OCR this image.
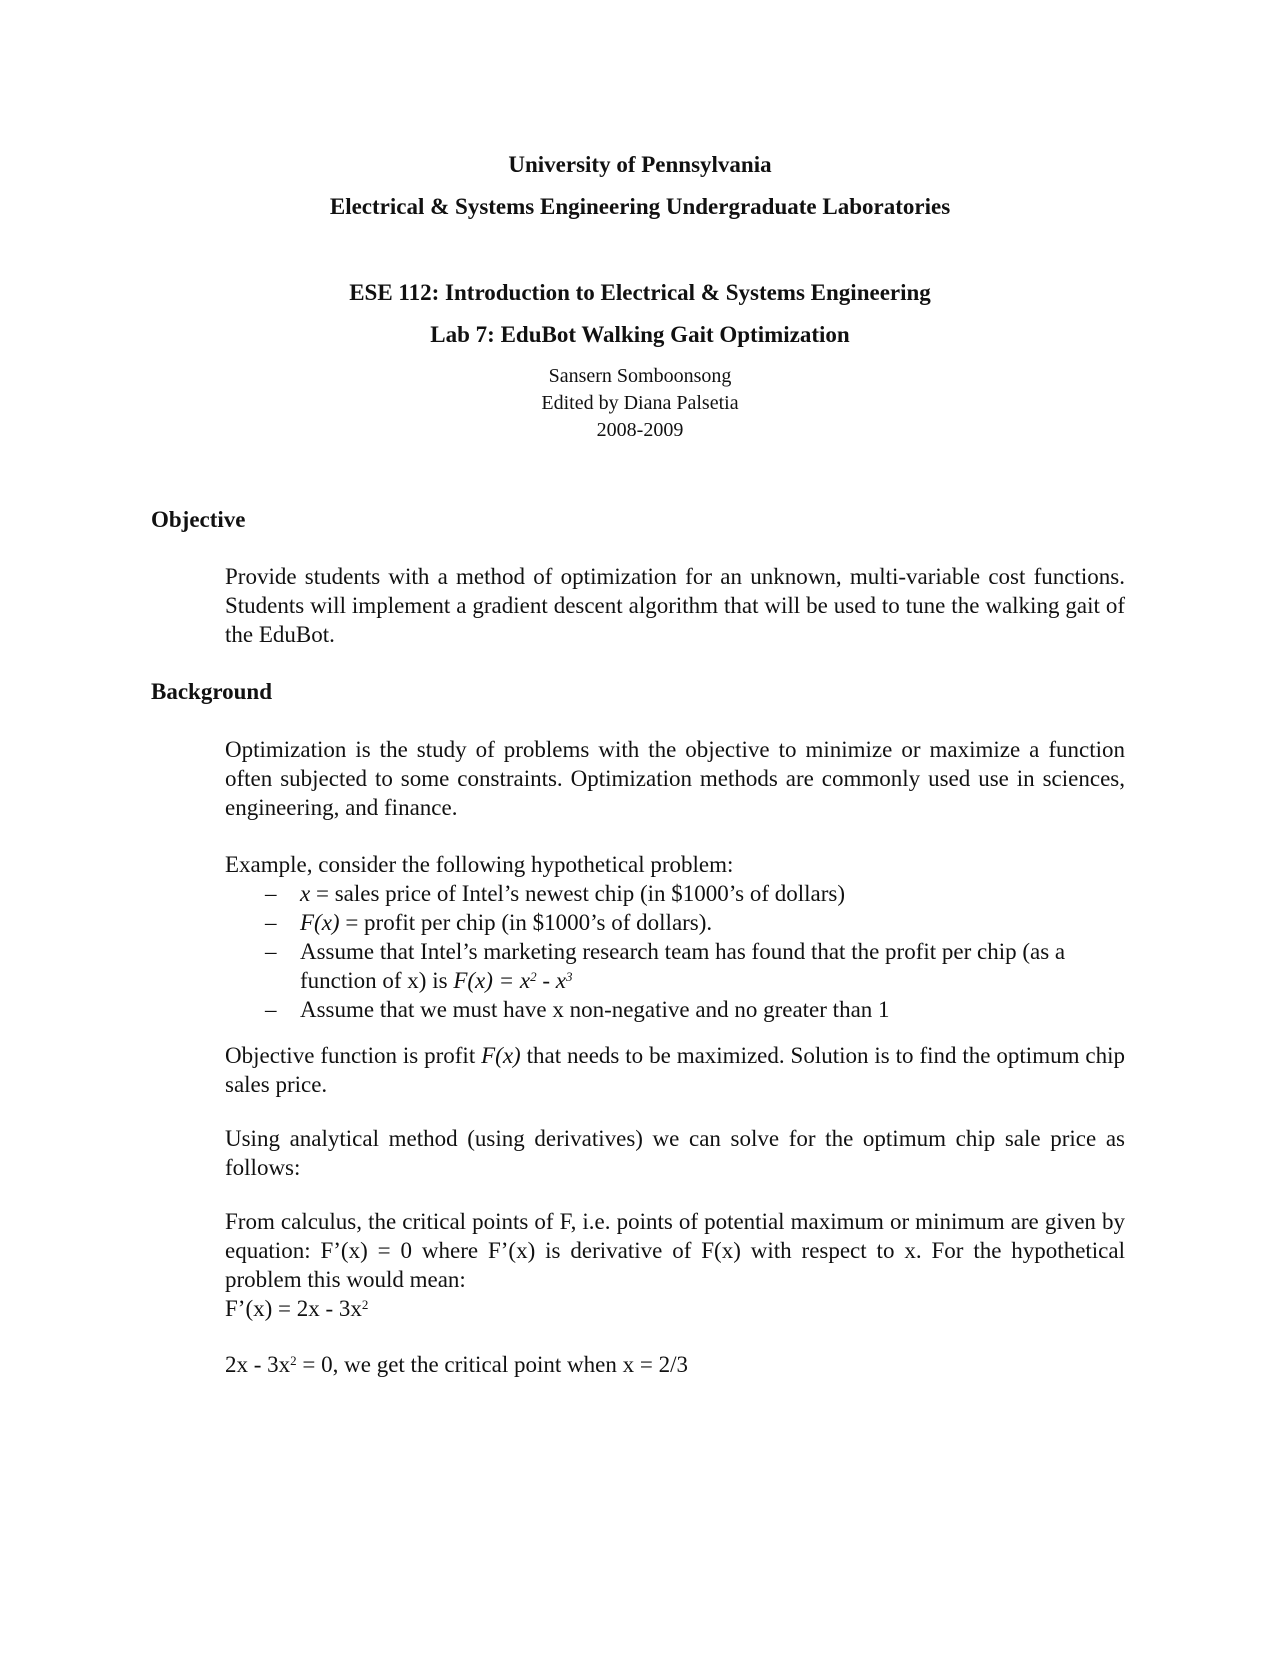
University of Pennsylvania
Electrical & Systems Engineering Undergraduate Laboratories
ESE 112: Introduction to Electrical & Systems Engineering
Lab 7: EduBot Walking Gait Optimization
Sansern Somboonsong
Edited by Diana Palsetia
2008-2009
Objective

Provide students with a method of optimization for an unknown, multi-variable cost functions. Students will implement a gradient descent algorithm that will be used to tune the walking gait of the EduBot.

Background

Optimization is the study of problems with the objective to minimize or maximize a function often subjected to some constraints. Optimization methods are commonly used use in sciences, engineering, and finance.

Example, consider the following hypothetical problem:

– x = sales price of Intel’s newest chip (in $1000’s of dollars)
– F(x) = profit per chip (in $1000’s of dollars).
– Assume that Intel’s marketing research team has found that the profit per chip (as a function of x) is $F(x) = x^2 - x^3$
– Assume that we must have x non-negative and no greater than 1

Objective function is profit F(x) that needs to be maximized. Solution is to find the optimum chip sales price.

Using analytical method (using derivatives) we can solve for the optimum chip sale price as follows:

From calculus, the critical points of F, i.e. points of potential maximum or minimum are given by equation: F’(x) = 0 where F’(x) is derivative of F(x) with respect to x. For the hypothetical problem this would mean:

F’(x) = $2x - 3x^2$

$2x - 3x^2 = 0$, we get the critical point when x = 2/3
